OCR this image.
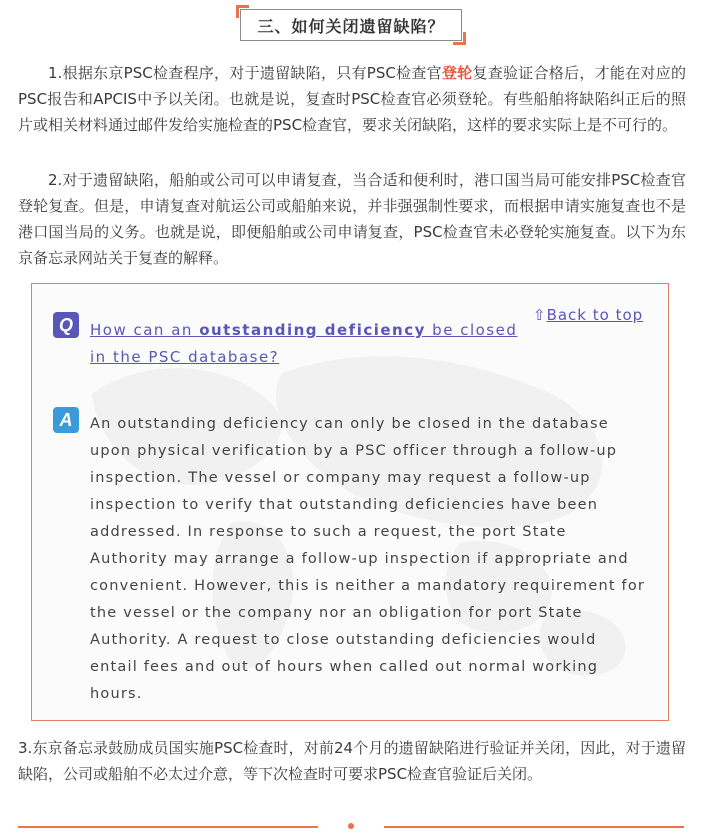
三、如何关闭遗留缺陷？

1.根据东京PSC检查程序，对于遗留缺陷，只有PSC检查官登轮复查验证合格后，才能在对应的PSC报告和APCIS中予以关闭。也就是说，复查时PSC检查官必须登轮。有些船舶将缺陷纠正后的照片或相关材料通过邮件发给实施检查的PSC检查官，要求关闭缺陷，这样的要求实际上是不可行的。

2.对于遗留缺陷，船舶或公司可以申请复查，当合适和便利时，港口国当局可能安排PSC检查官登轮复查。但是，申请复查对航运公司或船舶来说，并非强强制性要求，而根据申请实施复查也不是港口国当局的义务。也就是说，即便船舶或公司申请复查，PSC检查官未必登轮实施复查。以下为东京备忘录网站关于复查的解释。

Q	How can an outstanding deficiency be closed in the PSC database?
⇧Back to top
A	An outstanding deficiency can only be closed in the database upon physical verification by a PSC officer through a follow-up inspection. The vessel or company may request a follow-up inspection to verify that outstanding deficiencies have been addressed. In response to such a request, the port State Authority may arrange a follow-up inspection if appropriate and convenient. However, this is neither a mandatory requirement for the vessel or the company nor an obligation for port State Authority. A request to close outstanding deficiencies would entail fees and out of hours when called out normal working hours.

3.东京备忘录鼓励成员国实施PSC检查时，对前24个月的遗留缺陷进行验证并关闭，因此，对于遗留缺陷，公司或船舶不必太过介意，等下次检查时可要求PSC检查官验证后关闭。
